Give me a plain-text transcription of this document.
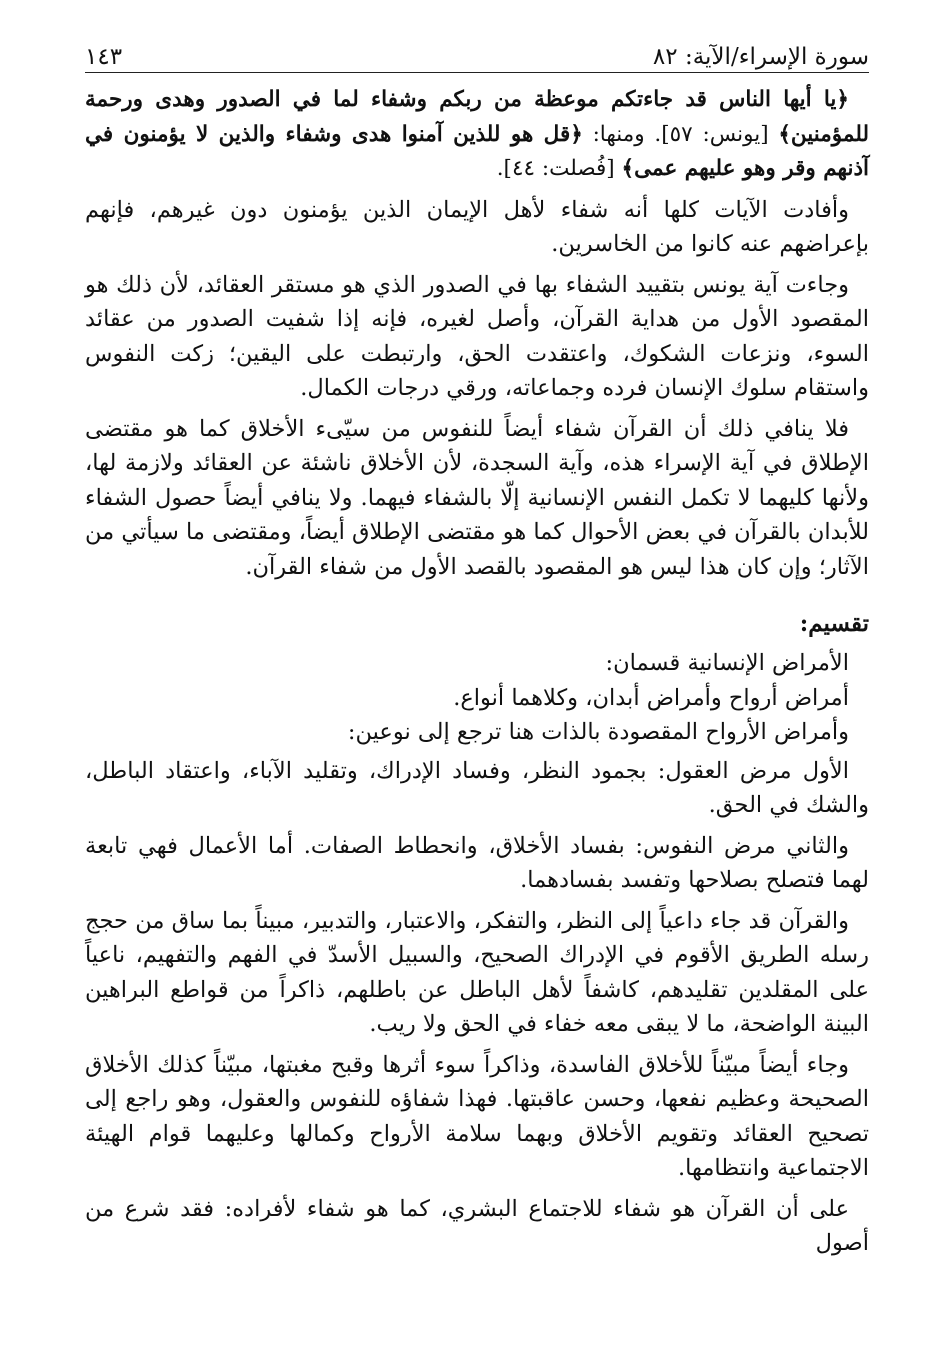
سورة الإسراء/الآية: ٨٢
١٤٣

﴿يا أيها الناس قد جاءتكم موعظة من ربكم وشفاء لما في الصدور وهدى ورحمة للمؤمنين﴾ [يونس: ٥٧]. ومنها: ﴿قل هو للذين آمنوا هدى وشفاء والذين لا يؤمنون في آذنهم وقر وهو عليهم عمى﴾ [فُصلت: ٤٤].

وأفادت الآيات كلها أنه شفاء لأهل الإيمان الذين يؤمنون دون غيرهم، فإنهم بإعراضهم عنه كانوا من الخاسرين.

وجاءت آية يونس بتقييد الشفاء بها في الصدور الذي هو مستقر العقائد، لأن ذلك هو المقصود الأول من هداية القرآن، وأصل لغيره، فإنه إذا شفيت الصدور من عقائد السوء، ونزعات الشكوك، واعتقدت الحق، وارتبطت على اليقين؛ زكت النفوس واستقام سلوك الإنسان فرده وجماعاته، ورقي درجات الكمال.

فلا ينافي ذلك أن القرآن شفاء أيضاً للنفوس من سيّىء الأخلاق كما هو مقتضى الإطلاق في آية الإسراء هذه، وآية السجدة، لأن الأخلاق ناشئة عن العقائد ولازمة لها، ولأنها كليهما لا تكمل النفس الإنسانية إلّا بالشفاء فيهما. ولا ينافي أيضاً حصول الشفاء للأبدان بالقرآن في بعض الأحوال كما هو مقتضى الإطلاق أيضاً، ومقتضى ما سيأتي من الآثار؛ وإن كان هذا ليس هو المقصود بالقصد الأول من شفاء القرآن.

تقسيم:

الأمراض الإنسانية قسمان:

أمراض أرواح وأمراض أبدان، وكلاهما أنواع.

وأمراض الأرواح المقصودة بالذات هنا ترجع إلى نوعين:

الأول مرض العقول: بجمود النظر، وفساد الإدراك، وتقليد الآباء، واعتقاد الباطل، والشك في الحق.

والثاني مرض النفوس: بفساد الأخلاق، وانحطاط الصفات. أما الأعمال فهي تابعة لهما فتصلح بصلاحها وتفسد بفسادهما.

والقرآن قد جاء داعياً إلى النظر، والتفكر، والاعتبار، والتدبير، مبيناً بما ساق من حجج رسله الطريق الأقوم في الإدراك الصحيح، والسبيل الأسدّ في الفهم والتفهيم، ناعياً على المقلدين تقليدهم، كاشفاً لأهل الباطل عن باطلهم، ذاكراً من قواطع البراهين البينة الواضحة، ما لا يبقى معه خفاء في الحق ولا ريب.

وجاء أيضاً مبيّناً للأخلاق الفاسدة، وذاكراً سوء أثرها وقبح مغبتها، مبيّناً كذلك الأخلاق الصحيحة وعظيم نفعها، وحسن عاقبتها. فهذا شفاؤه للنفوس والعقول، وهو راجع إلى تصحيح العقائد وتقويم الأخلاق وبهما سلامة الأرواح وكمالها وعليهما قوام الهيئة الاجتماعية وانتظامها.

على أن القرآن هو شفاء للاجتماع البشري، كما هو شفاء لأفراده: فقد شرع من أصول
